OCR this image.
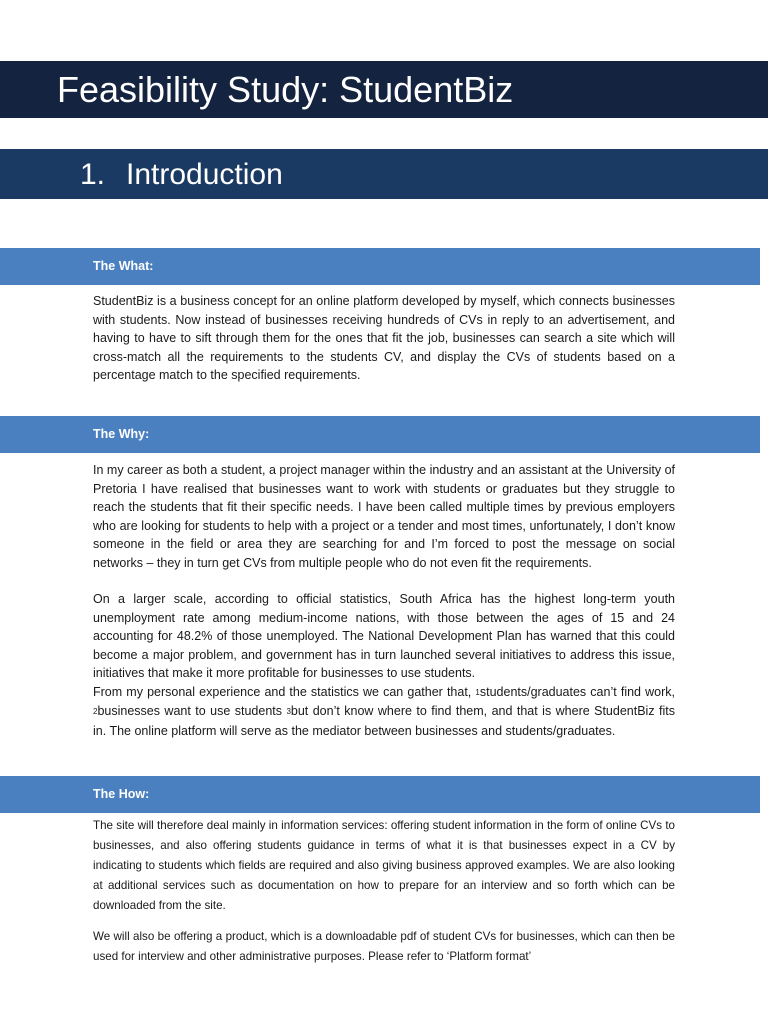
Feasibility Study: StudentBiz
1. Introduction
The What:

StudentBiz is a business concept for an online platform developed by myself, which connects businesses with students. Now instead of businesses receiving hundreds of CVs in reply to an advertisement, and having to have to sift through them for the ones that fit the job, businesses can search a site which will cross-match all the requirements to the students CV, and display the CVs of students based on a percentage match to the specified requirements.

The Why:

In my career as both a student, a project manager within the industry and an assistant at the University of Pretoria I have realised that businesses want to work with students or graduates but they struggle to reach the students that fit their specific needs. I have been called multiple times by previous employers who are looking for students to help with a project or a tender and most times, unfortunately, I don’t know someone in the field or area they are searching for and I’m forced to post the message on social networks – they in turn get CVs from multiple people who do not even fit the requirements.

On a larger scale, according to official statistics, South Africa has the highest long-term youth unemployment rate among medium-income nations, with those between the ages of 15 and 24 accounting for 48.2% of those unemployed. The National Development Plan has warned that this could become a major problem, and government has in turn launched several initiatives to address this issue, initiatives that make it more profitable for businesses to use students.

From my personal experience and the statistics we can gather that, $^1$students/graduates can’t find work, $^2$businesses want to use students $^3$but don’t know where to find them, and that is where StudentBiz fits in. The online platform will serve as the mediator between businesses and students/graduates.

The How:

The site will therefore deal mainly in information services: offering student information in the form of online CVs to businesses, and also offering students guidance in terms of what it is that businesses expect in a CV by indicating to students which fields are required and also giving business approved examples. We are also looking at additional services such as documentation on how to prepare for an interview and so forth which can be downloaded from the site.

We will also be offering a product, which is a downloadable pdf of student CVs for businesses, which can then be used for interview and other administrative purposes. Please refer to ‘Platform format’
